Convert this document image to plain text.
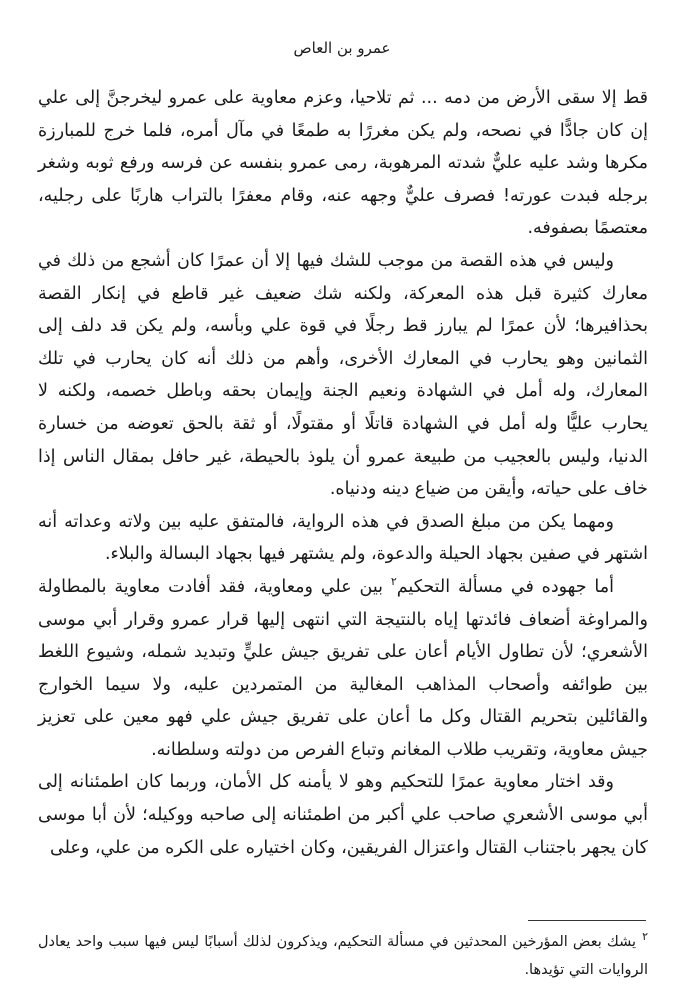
عمرو بن العاص

قط إلا سقى الأرض من دمه ... ثم تلاحيا، وعزم معاوية على عمرو ليخرجنَّ إلى علي إن كان جادًّا في نصحه، ولم يكن مغررًا به طمعًا في مآل أمره، فلما خرج للمبارزة مكرها وشد عليه عليٌّ شدته المرهوبة، رمى عمرو بنفسه عن فرسه ورفع ثوبه وشغر برجله فبدت عورته! فصرف عليٌّ وجهه عنه، وقام معفرًا بالتراب هاربًا على رجليه، معتصمًا بصفوفه.

وليس في هذه القصة من موجب للشك فيها إلا أن عمرًا كان أشجع من ذلك في معارك كثيرة قبل هذه المعركة، ولكنه شك ضعيف غير قاطع في إنكار القصة بحذافيرها؛ لأن عمرًا لم يبارز قط رجلًا في قوة علي وبأسه، ولم يكن قد دلف إلى الثمانين وهو يحارب في المعارك الأخرى، وأهم من ذلك أنه كان يحارب في تلك المعارك، وله أمل في الشهادة ونعيم الجنة وإيمان بحقه وباطل خصمه، ولكنه لا يحارب عليًّا وله أمل في الشهادة قاتلًا أو مقتولًا، أو ثقة بالحق تعوضه من خسارة الدنيا، وليس بالعجيب من طبيعة عمرو أن يلوذ بالحيطة، غير حافل بمقال الناس إذا خاف على حياته، وأيقن من ضياع دينه ودنياه.

ومهما يكن من مبلغ الصدق في هذه الرواية، فالمتفق عليه بين ولاته وعداته أنه اشتهر في صفين بجهاد الحيلة والدعوة، ولم يشتهر فيها بجهاد البسالة والبلاء.

أما جهوده في مسألة التحكيم$^٢$ بين علي ومعاوية، فقد أفادت معاوية بالمطاولة والمراوغة أضعاف فائدتها إياه بالنتيجة التي انتهى إليها قرار عمرو وقرار أبي موسى الأشعري؛ لأن تطاول الأيام أعان على تفريق جيش عليٍّ وتبديد شمله، وشيوع اللغط بين طوائفه وأصحاب المذاهب المغالية من المتمردين عليه، ولا سيما الخوارج والقائلين بتحريم القتال وكل ما أعان على تفريق جيش علي فهو معين على تعزيز جيش معاوية، وتقريب طلاب المغانم وتباع الفرص من دولته وسلطانه.

وقد اختار معاوية عمرًا للتحكيم وهو لا يأمنه كل الأمان، وربما كان اطمئنانه إلى أبي موسى الأشعري صاحب علي أكبر من اطمئنانه إلى صاحبه ووكيله؛ لأن أبا موسى كان يجهر باجتناب القتال واعتزال الفريقين، وكان اختياره على الكره من علي، وعلى

$^٢$يشك بعض المؤرخين المحدثين في مسألة التحكيم، ويذكرون لذلك أسبابًا ليس فيها سبب واحد يعادل الروايات التي تؤيدها.
